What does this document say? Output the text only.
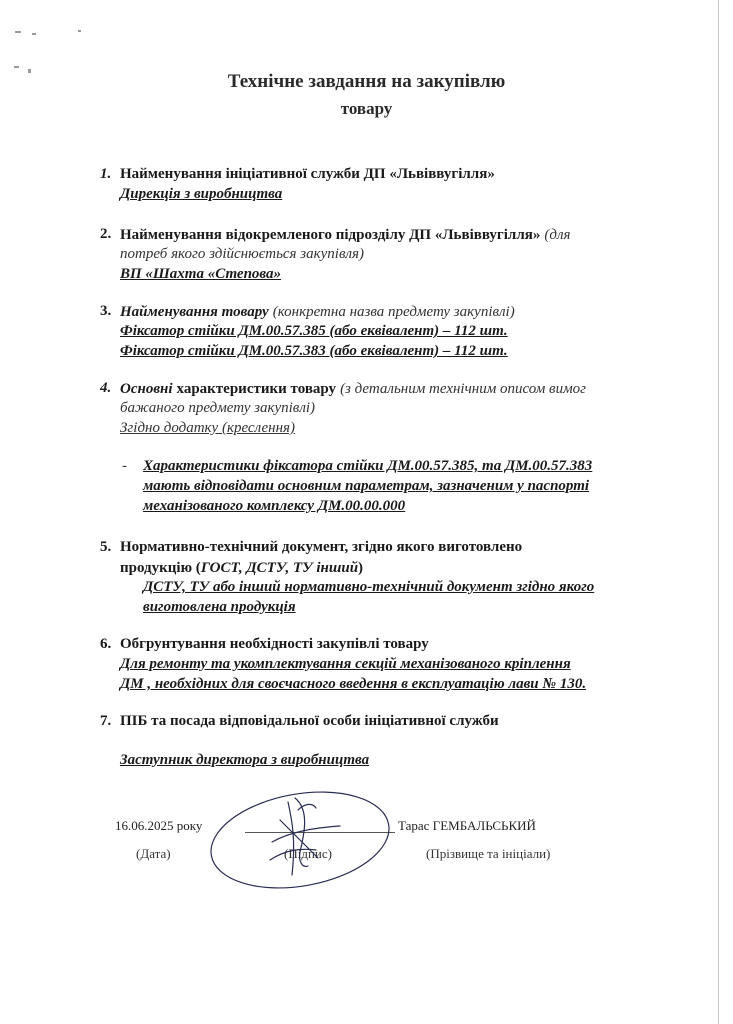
Технічне завдання на закупівлю
товару
1. Найменування ініціативної служби ДП «Львіввугілля»
Дирекція з виробництва
2. Найменування відокремленого підрозділу ДП «Львіввугілля» (для
потреб якого здійснюється закупівля)
ВП «Шахта «Степова»
3. Найменування товару (конкретна назва предмету закупівлі)
Фіксатор стійки ДМ.00.57.385 (або еквівалент) – 112 шт.
Фіксатор стійки ДМ.00.57.383 (або еквівалент) – 112 шт.
4. Основні характеристики товару (з детальним технічним описом вимог
бажаного предмету закупівлі)
Згідно додатку (креслення)
- Характеристики фіксатора стійки ДМ.00.57.385, та ДМ.00.57.383
мають відповідати основним параметрам, зазначеним у паспорті
механізованого комплексу ДМ.00.00.000
5. Нормативно-технічний документ, згідно якого виготовлено
продукцію (ГОСТ, ДСТУ, ТУ інший)
ДСТУ, ТУ або інший нормативно-технічний документ згідно якого
виготовлена продукція
6. Обгрунтування необхідності закупівлі товару
Для ремонту та укомплектування секцій механізованого кріплення
ДМ , необхідних для своєчасного введення в експлуатацію лави № 130.
7. ПІБ та посада відповідальної особи ініціативної служби
Заступник директора з виробництва
16.06.2025 року
(Дата)	(Підпис)
Тарас ГЕМБАЛЬСЬКИЙ
(Прізвище та ініціали)
